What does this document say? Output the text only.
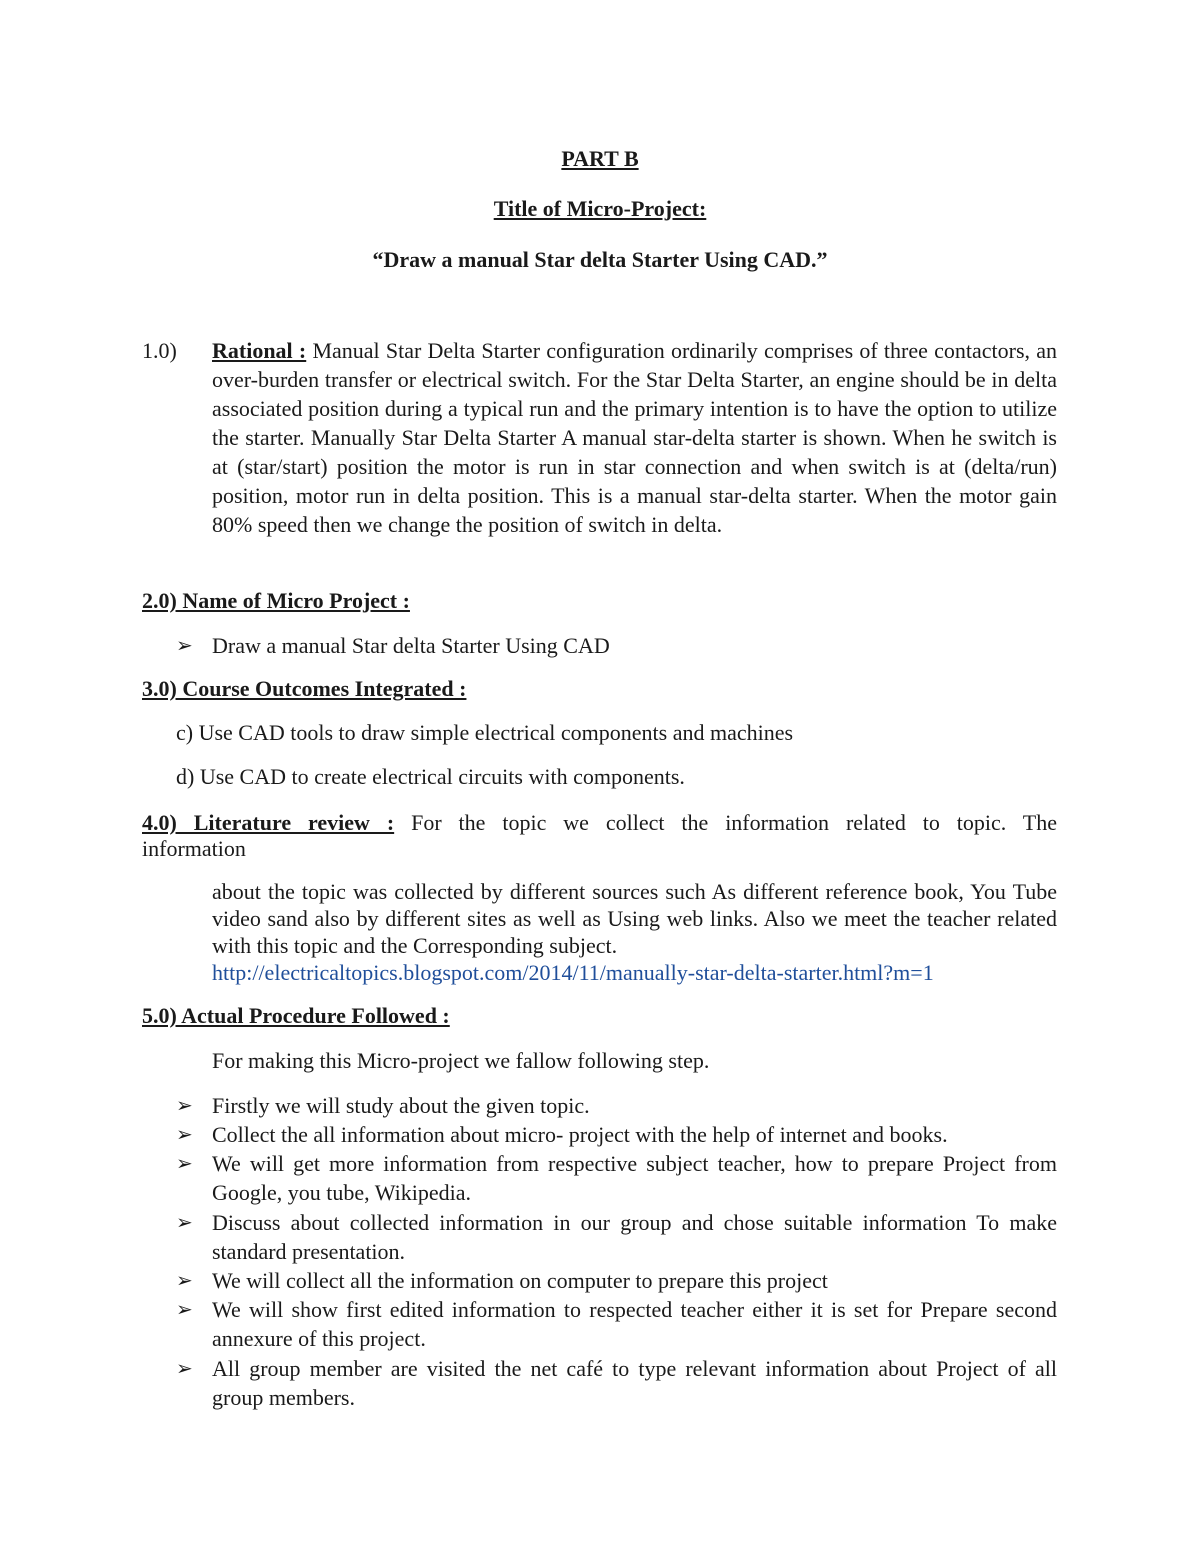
PART B
Title of Micro-Project:
“Draw a manual Star delta Starter Using CAD.”
1.0) Rational : Manual Star Delta Starter configuration ordinarily comprises of three contactors, an over-burden transfer or electrical switch. For the Star Delta Starter, an engine should be in delta associated position during a typical run and the primary intention is to have the option to utilize the starter. Manually Star Delta Starter A manual star-delta starter is shown. When he switch is at (star/start) position the motor is run in star connection and when switch is at (delta/run) position, motor run in delta position. This is a manual star-delta starter. When the motor gain 80% speed then we change the position of switch in delta.
2.0) Name of Micro Project :
➢ Draw a manual Star delta Starter Using CAD
3.0) Course Outcomes Integrated :
c) Use CAD tools to draw simple electrical components and machines
d) Use CAD to create electrical circuits with components.
4.0) Literature review : For the topic we collect the information related to topic. The
information
about the topic was collected by different sources such As different reference book, You Tube video sand also by different sites as well as Using web links. Also we meet the teacher related with this topic and the Corresponding subject.
http://electricaltopics.blogspot.com/2014/11/manually-star-delta-starter.html?m=1
5.0) Actual Procedure Followed :
For making this Micro-project we fallow following step.
➢ Firstly we will study about the given topic.
➢ Collect the all information about micro- project with the help of internet and books.
➢ We will get more information from respective subject teacher, how to prepare Project from Google, you tube, Wikipedia.
➢ Discuss about collected information in our group and chose suitable information To make standard presentation.
➢ We will collect all the information on computer to prepare this project
➢ We will show first edited information to respected teacher either it is set for Prepare second annexure of this project.
➢ All group member are visited the net café to type relevant information about Project of all group members.
